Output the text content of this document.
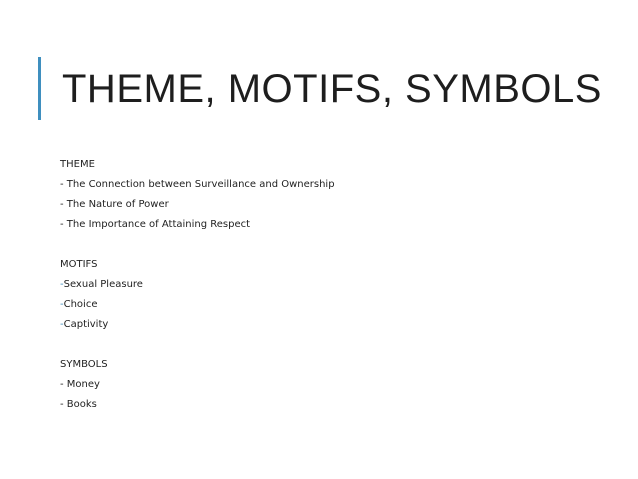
THEME, MOTIFS, SYMBOLS

THEME

- The Connection between Surveillance and Ownership

- The Nature of Power

- The Importance of Attaining Respect

MOTIFS

-Sexual Pleasure

-Choice

-Captivity

SYMBOLS

- Money

- Books
